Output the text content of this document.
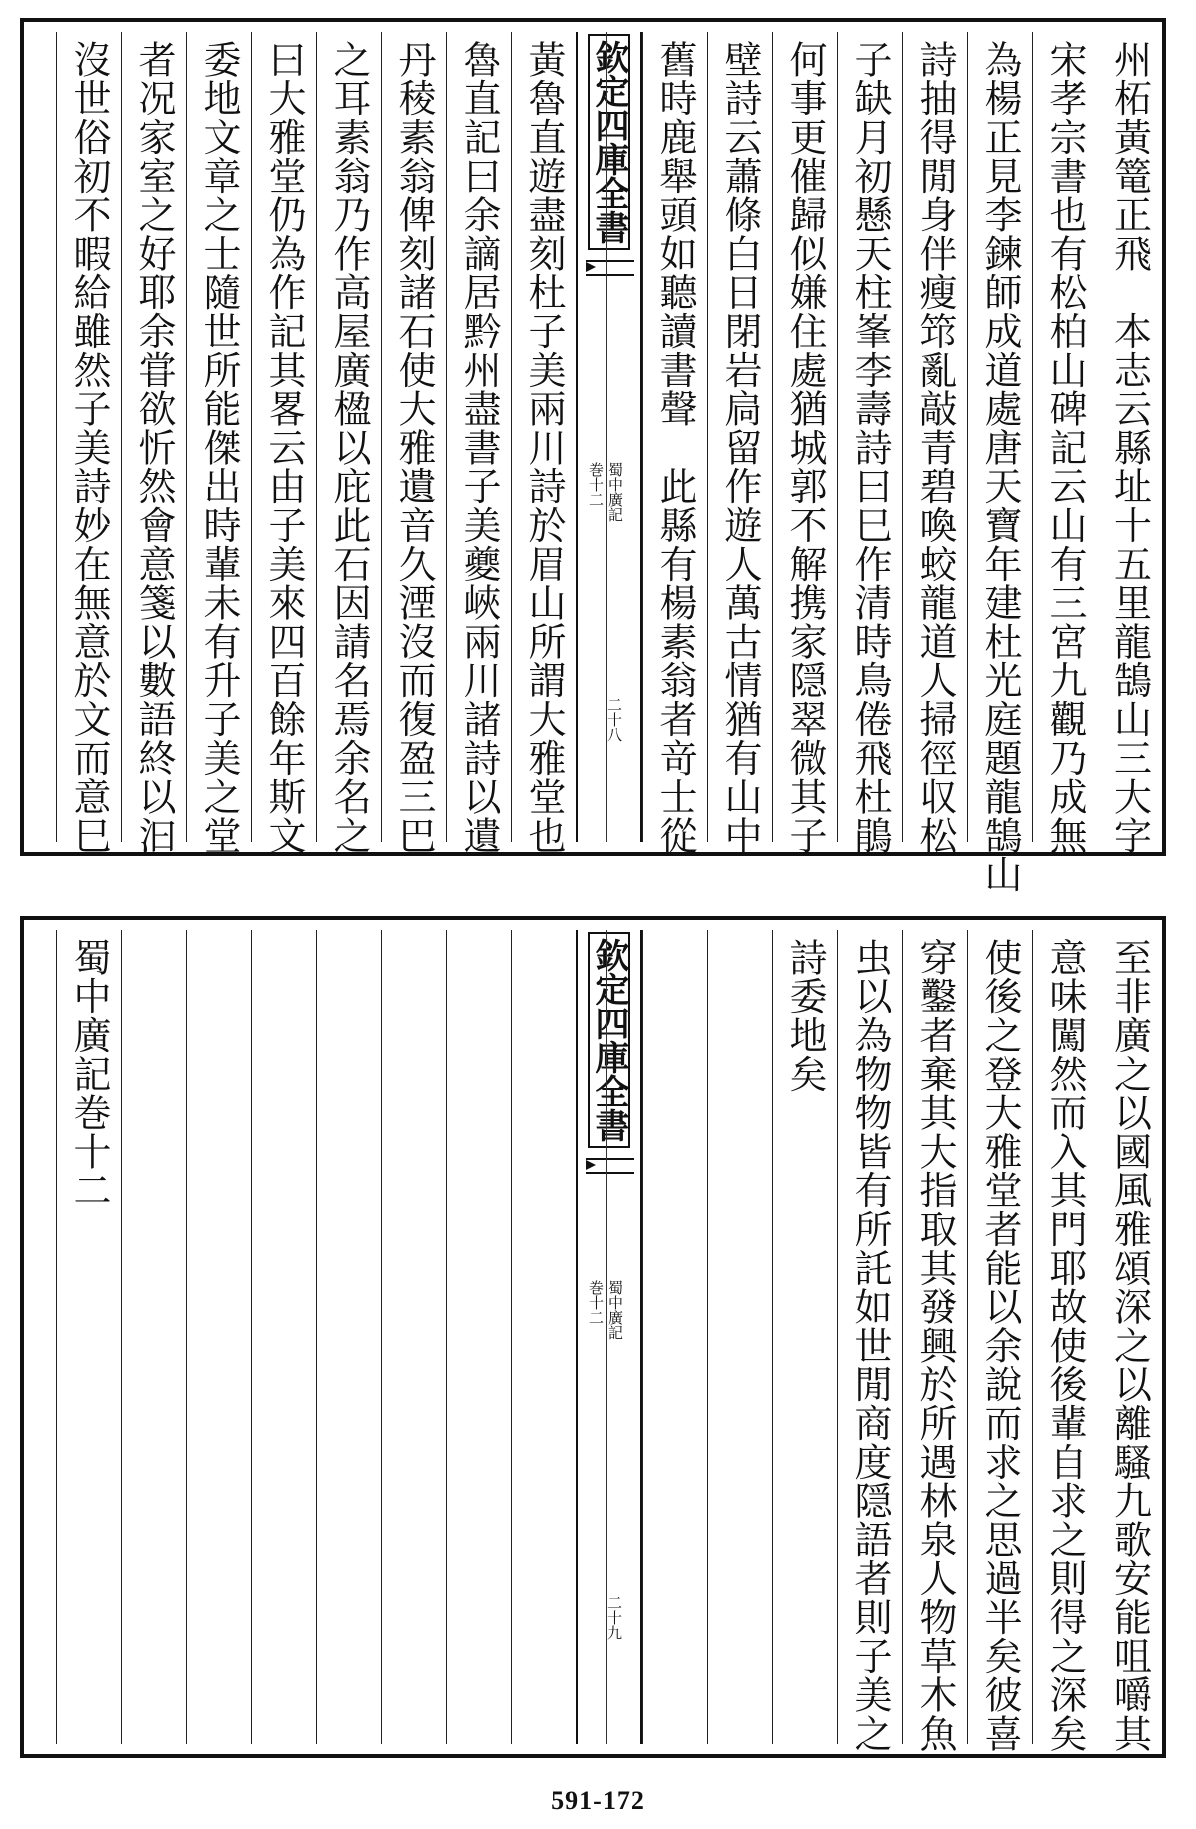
州柘黃篭正飛　本志云縣址十五里龍鵠山三大字
宋孝宗書也有松柏山碑記云山有三宮九觀乃成無
為楊正見李鍊師成道處唐天寶年建杜光庭題龍鵠山
詩抽得閒身伴瘦筇亂敲青碧喚蛟龍道人掃徑収松
子缺月初懸天柱峯李壽詩曰巳作清時鳥倦飛杜鵑
何事更催歸似嫌住處猶城郭不解携家隠翠微其子
壁詩云蕭條白日閉岩扃留作遊人萬古情猶有山中
舊時鹿舉頭如聽讀書聲　此縣有楊素翁者竒士從
欽定四庫全書
蜀中廣記
巻十二
二十八
黃魯直遊盡刻杜子美兩川詩於眉山所謂大雅堂也
魯直記曰余謫居黔州盡書子美夔峽兩川諸詩以遺
丹稜素翁俾刻諸石使大雅遺音久湮沒而復盈三巴
之耳素翁乃作高屋廣楹以庇此石因請名焉余名之
曰大雅堂仍為作記其畧云由子美來四百餘年斯文
委地文章之士隨世所能傑出時輩未有升子美之堂
者况家室之好耶余甞欲忻然會意箋以數語終以汩
沒世俗初不暇給雖然子美詩妙在無意於文而意巳
至非廣之以國風雅頌深之以離騷九歌安能咀嚼其
意味闖然而入其門耶故使後輩自求之則得之深矣
使後之登大雅堂者能以余說而求之思過半矣彼喜
穿鑿者棄其大指取其發興於所遇林泉人物草木魚
虫以為物物皆有所託如世閒商度隠語者則子美之
詩委地矣
欽定四庫全書
蜀中廣記
巻十二
二十九
蜀中廣記巻十二
591-172
